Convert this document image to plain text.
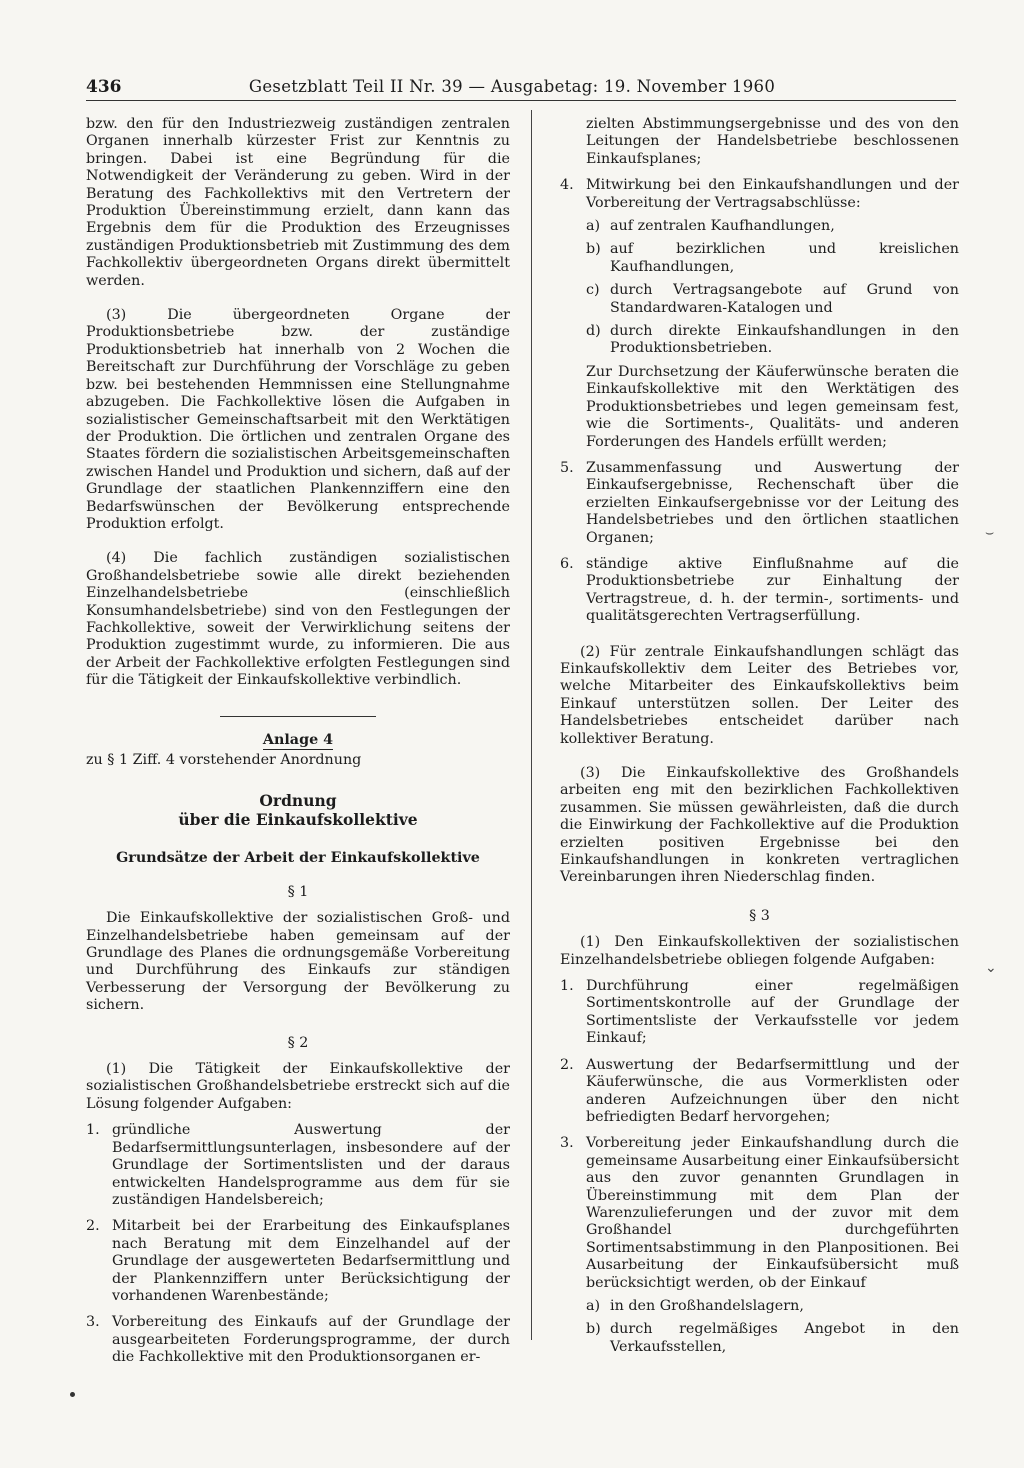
436	Gesetzblatt Teil II Nr. 39 — Ausgabetag: 19. November 1960

bzw. den für den Industriezweig zuständigen zentralen Organen innerhalb kürzester Frist zur Kenntnis zu bringen. Dabei ist eine Begründung für die Notwendigkeit der Veränderung zu geben. Wird in der Beratung des Fachkollektivs mit den Vertretern der Produktion Übereinstimmung erzielt, dann kann das Ergebnis dem für die Produktion des Erzeugnisses zuständigen Produktionsbetrieb mit Zustimmung des dem Fachkollektiv übergeordneten Organs direkt übermittelt werden.

(3) Die übergeordneten Organe der Produktionsbetriebe bzw. der zuständige Produktionsbetrieb hat innerhalb von 2 Wochen die Bereitschaft zur Durchführung der Vorschläge zu geben bzw. bei bestehenden Hemmnissen eine Stellungnahme abzugeben. Die Fachkollektive lösen die Aufgaben in sozialistischer Gemeinschaftsarbeit mit den Werktätigen der Produktion. Die örtlichen und zentralen Organe des Staates fördern die sozialistischen Arbeitsgemeinschaften zwischen Handel und Produktion und sichern, daß auf der Grundlage der staatlichen Plankennziffern eine den Bedarfswünschen der Bevölkerung entsprechende Produktion erfolgt.

(4) Die fachlich zuständigen sozialistischen Großhandelsbetriebe sowie alle direkt beziehenden Einzelhandelsbetriebe (einschließlich Konsumhandelsbetriebe) sind von den Festlegungen der Fachkollektive, soweit der Verwirklichung seitens der Produktion zugestimmt wurde, zu informieren. Die aus der Arbeit der Fachkollektive erfolgten Festlegungen sind für die Tätigkeit der Einkaufskollektive verbindlich.

Anlage 4

zu § 1 Ziff. 4 vorstehender Anordnung

Ordnung
über die Einkaufskollektive
Grundsätze der Arbeit der Einkaufskollektive
§ 1

Die Einkaufskollektive der sozialistischen Groß- und Einzelhandelsbetriebe haben gemeinsam auf der Grundlage des Planes die ordnungsgemäße Vorbereitung und Durchführung des Einkaufs zur ständigen Verbesserung der Versorgung der Bevölkerung zu sichern.

§ 2

(1) Die Tätigkeit der Einkaufskollektive der sozialistischen Großhandelsbetriebe erstreckt sich auf die Lösung folgender Aufgaben:

1. gründliche Auswertung der Bedarfsermittlungsunterlagen, insbesondere auf der Grundlage der Sortimentslisten und der daraus entwickelten Handelsprogramme aus dem für sie zuständigen Handelsbereich;
2. Mitarbeit bei der Erarbeitung des Einkaufsplanes nach Beratung mit dem Einzelhandel auf der Grundlage der ausgewerteten Bedarfsermittlung und der Plankennziffern unter Berücksichtigung der vorhandenen Warenbestände;
3. Vorbereitung des Einkaufs auf der Grundlage der ausgearbeiteten Forderungsprogramme, der durch die Fachkollektive mit den Produktionsorganen er-

zielten Abstimmungsergebnisse und des von den Leitungen der Handelsbetriebe beschlossenen Einkaufsplanes;

4. Mitwirkung bei den Einkaufshandlungen und der Vorbereitung der Vertragsabschlüsse:
a) auf zentralen Kaufhandlungen,
b) auf bezirklichen und kreislichen Kaufhandlungen,
c) durch Vertragsangebote auf Grund von Standardwaren-Katalogen und
d) durch direkte Einkaufshandlungen in den Produktionsbetrieben.

Zur Durchsetzung der Käuferwünsche beraten die Einkaufskollektive mit den Werktätigen des Produktionsbetriebes und legen gemeinsam fest, wie die Sortiments-, Qualitäts- und anderen Forderungen des Handels erfüllt werden;

5. Zusammenfassung und Auswertung der Einkaufsergebnisse, Rechenschaft über die erzielten Einkaufsergebnisse vor der Leitung des Handelsbetriebes und den örtlichen staatlichen Organen;
6. ständige aktive Einflußnahme auf die Produktionsbetriebe zur Einhaltung der Vertragstreue, d. h. der termin-, sortiments- und qualitätsgerechten Vertragserfüllung.

(2) Für zentrale Einkaufshandlungen schlägt das Einkaufskollektiv dem Leiter des Betriebes vor, welche Mitarbeiter des Einkaufskollektivs beim Einkauf unterstützen sollen. Der Leiter des Handelsbetriebes entscheidet darüber nach kollektiver Beratung.

(3) Die Einkaufskollektive des Großhandels arbeiten eng mit den bezirklichen Fachkollektiven zusammen. Sie müssen gewährleisten, daß die durch die Einwirkung der Fachkollektive auf die Produktion erzielten positiven Ergebnisse bei den Einkaufshandlungen in konkreten vertraglichen Vereinbarungen ihren Niederschlag finden.

§ 3

(1) Den Einkaufskollektiven der sozialistischen Einzelhandelsbetriebe obliegen folgende Aufgaben:

1. Durchführung einer regelmäßigen Sortimentskontrolle auf der Grundlage der Sortimentsliste der Verkaufsstelle vor jedem Einkauf;
2. Auswertung der Bedarfsermittlung und der Käuferwünsche, die aus Vormerklisten oder anderen Aufzeichnungen über den nicht befriedigten Bedarf hervorgehen;
3. Vorbereitung jeder Einkaufshandlung durch die gemeinsame Ausarbeitung einer Einkaufsübersicht aus den zuvor genannten Grundlagen in Übereinstimmung mit dem Plan der Warenzulieferungen und der zuvor mit dem Großhandel durchgeführten Sortimentsabstimmung in den Planpositionen. Bei Ausarbeitung der Einkaufsübersicht muß berücksichtigt werden, ob der Einkauf
a) in den Großhandelslagern,
b) durch regelmäßiges Angebot in den Verkaufsstellen,
⌣
⌄
